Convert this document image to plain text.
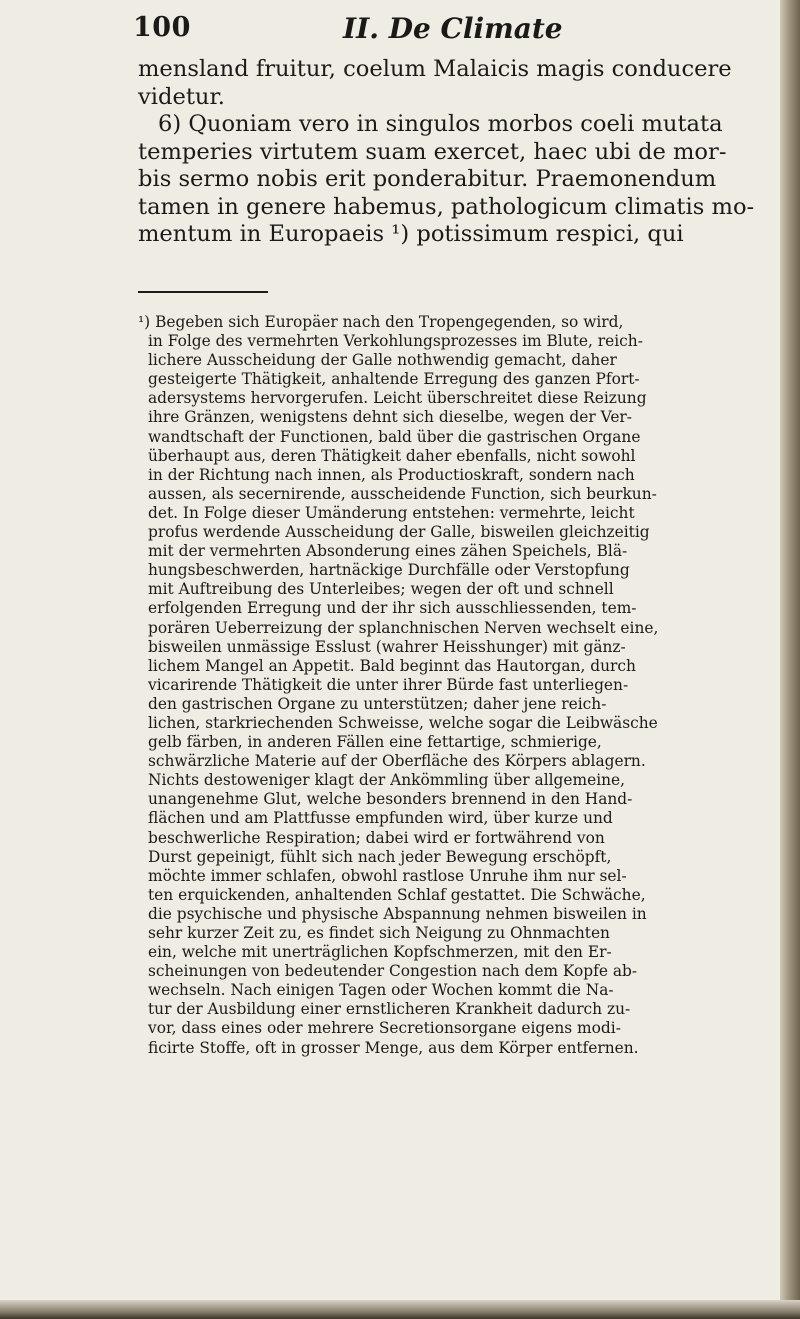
100	II. De Climate
mensland fruitur, coelum Malaicis magis conducere
videtur.
6) Quoniam vero in singulos morbos coeli mutata
temperies virtutem suam exercet, haec ubi de mor-
bis sermo nobis erit ponderabitur. Praemonendum
tamen in genere habemus, pathologicum climatis mo-
mentum in Europaeis ¹) potissimum respici, qui
¹) Begeben sich Europäer nach den Tropengegenden, so wird,
in Folge des vermehrten Verkohlungsprozesses im Blute, reich-
lichere Ausscheidung der Galle nothwendig gemacht, daher
gesteigerte Thätigkeit, anhaltende Erregung des ganzen Pfort-
adersystems hervorgerufen. Leicht überschreitet diese Reizung
ihre Gränzen, wenigstens dehnt sich dieselbe, wegen der Ver-
wandtschaft der Functionen, bald über die gastrischen Organe
überhaupt aus, deren Thätigkeit daher ebenfalls, nicht sowohl
in der Richtung nach innen, als Productioskraft, sondern nach
aussen, als secernirende, ausscheidende Function, sich beurkun-
det. In Folge dieser Umänderung entstehen: vermehrte, leicht
profus werdende Ausscheidung der Galle, bisweilen gleichzeitig
mit der vermehrten Absonderung eines zähen Speichels, Blä-
hungsbeschwerden, hartnäckige Durchfälle oder Verstopfung
mit Auftreibung des Unterleibes; wegen der oft und schnell
erfolgenden Erregung und der ihr sich ausschliessenden, tem-
porären Ueberreizung der splanchnischen Nerven wechselt eine,
bisweilen unmässige Esslust (wahrer Heisshunger) mit gänz-
lichem Mangel an Appetit. Bald beginnt das Hautorgan, durch
vicarirende Thätigkeit die unter ihrer Bürde fast unterliegen-
den gastrischen Organe zu unterstützen; daher jene reich-
lichen, starkriechenden Schweisse, welche sogar die Leibwäsche
gelb färben, in anderen Fällen eine fettartige, schmierige,
schwärzliche Materie auf der Oberfläche des Körpers ablagern.
Nichts destoweniger klagt der Ankömmling über allgemeine,
unangenehme Glut, welche besonders brennend in den Hand-
flächen und am Plattfusse empfunden wird, über kurze und
beschwerliche Respiration; dabei wird er fortwährend von
Durst gepeinigt, fühlt sich nach jeder Bewegung erschöpft,
möchte immer schlafen, obwohl rastlose Unruhe ihm nur sel-
ten erquickenden, anhaltenden Schlaf gestattet. Die Schwäche,
die psychische und physische Abspannung nehmen bisweilen in
sehr kurzer Zeit zu, es findet sich Neigung zu Ohnmachten
ein, welche mit unerträglichen Kopfschmerzen, mit den Er-
scheinungen von bedeutender Congestion nach dem Kopfe ab-
wechseln. Nach einigen Tagen oder Wochen kommt die Na-
tur der Ausbildung einer ernstlicheren Krankheit dadurch zu-
vor, dass eines oder mehrere Secretionsorgane eigens modi-
ficirte Stoffe, oft in grosser Menge, aus dem Körper entfernen.
